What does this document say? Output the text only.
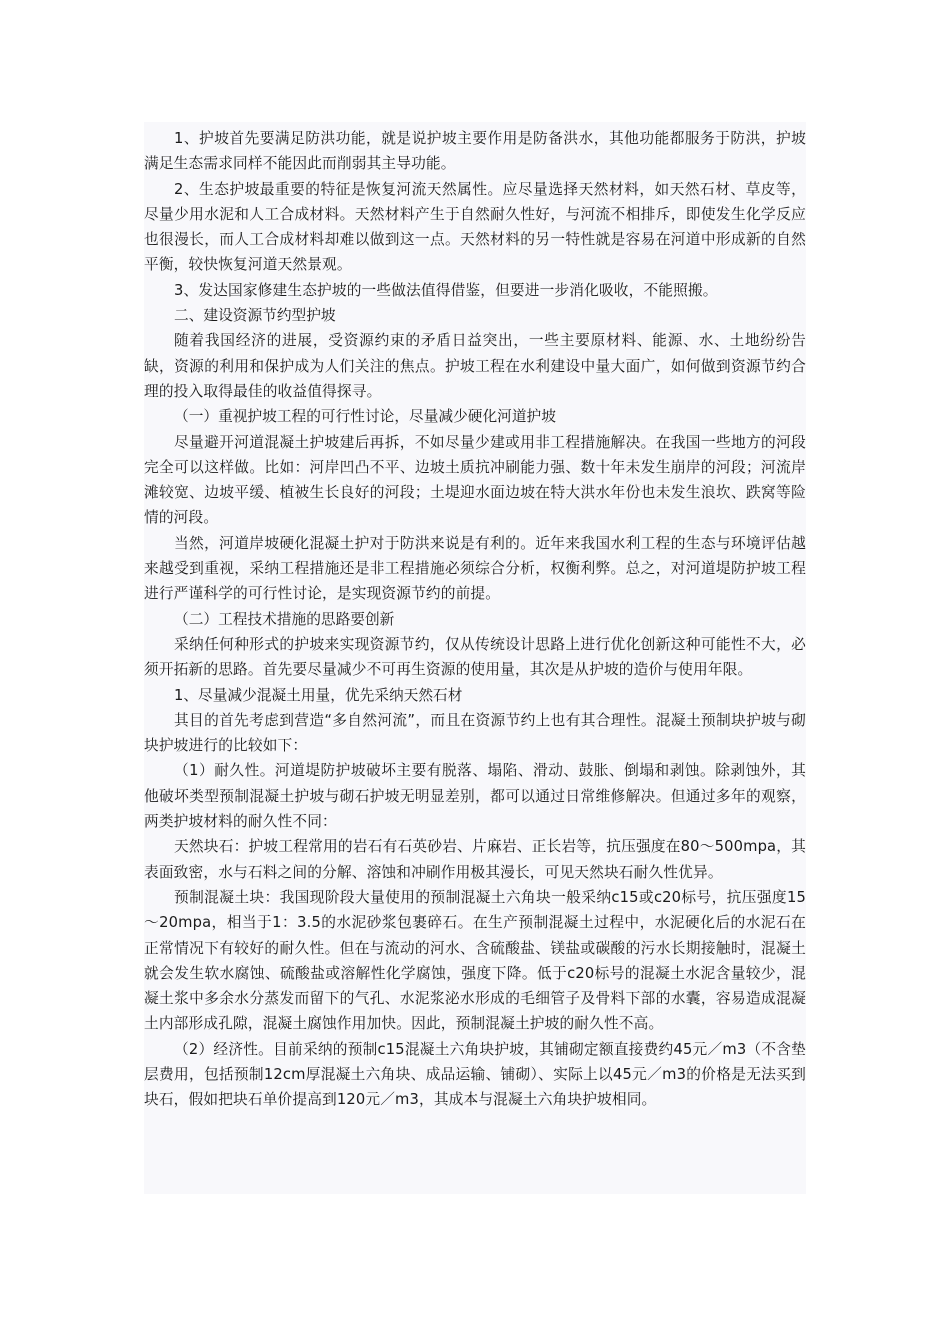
1、护坡首先要满足防洪功能，就是说护坡主要作用是防备洪水，其他功能都服务于防洪，护坡满足生态需求同样不能因此而削弱其主导功能。

2、生态护坡最重要的特征是恢复河流天然属性。应尽量选择天然材料，如天然石材、草皮等，尽量少用水泥和人工合成材料。天然材料产生于自然耐久性好，与河流不相排斥，即使发生化学反应也很漫长，而人工合成材料却难以做到这一点。天然材料的另一特性就是容易在河道中形成新的自然平衡，较快恢复河道天然景观。

3、发达国家修建生态护坡的一些做法值得借鉴，但要进一步消化吸收，不能照搬。

二、建设资源节约型护坡

随着我国经济的进展，受资源约束的矛盾日益突出，一些主要原材料、能源、水、土地纷纷告缺，资源的利用和保护成为人们关注的焦点。护坡工程在水利建设中量大面广，如何做到资源节约合理的投入取得最佳的收益值得探寻。

（一）重视护坡工程的可行性讨论，尽量减少硬化河道护坡

尽量避开河道混凝土护坡建后再拆，不如尽量少建或用非工程措施解决。在我国一些地方的河段完全可以这样做。比如：河岸凹凸不平、边坡土质抗冲刷能力强、数十年未发生崩岸的河段；河流岸滩较宽、边坡平缓、植被生长良好的河段；土堤迎水面边坡在特大洪水年份也未发生浪坎、跌窝等险情的河段。

当然，河道岸坡硬化混凝土护对于防洪来说是有利的。近年来我国水利工程的生态与环境评估越来越受到重视，采纳工程措施还是非工程措施必须综合分析，权衡利弊。总之，对河道堤防护坡工程进行严谨科学的可行性讨论，是实现资源节约的前提。

（二）工程技术措施的思路要创新

采纳任何种形式的护坡来实现资源节约，仅从传统设计思路上进行优化创新这种可能性不大，必须开拓新的思路。首先要尽量减少不可再生资源的使用量，其次是从护坡的造价与使用年限。

1、尽量减少混凝土用量，优先采纳天然石材

其目的首先考虑到营造“多自然河流”，而且在资源节约上也有其合理性。混凝土预制块护坡与砌块护坡进行的比较如下：

（1）耐久性。河道堤防护坡破坏主要有脱落、塌陷、滑动、鼓胀、倒塌和剥蚀。除剥蚀外，其他破坏类型预制混凝土护坡与砌石护坡无明显差别，都可以通过日常维修解决。但通过多年的观察，两类护坡材料的耐久性不同：

天然块石：护坡工程常用的岩石有石英砂岩、片麻岩、正长岩等，抗压强度在80～500mpa，其表面致密，水与石料之间的分解、溶蚀和冲刷作用极其漫长，可见天然块石耐久性优异。

预制混凝土块：我国现阶段大量使用的预制混凝土六角块一般采纳c15或c20标号，抗压强度15～20mpa，相当于1：3.5的水泥砂浆包裹碎石。在生产预制混凝土过程中，水泥硬化后的水泥石在正常情况下有较好的耐久性。但在与流动的河水、含硫酸盐、镁盐或碳酸的污水长期接触时，混凝土就会发生软水腐蚀、硫酸盐或溶解性化学腐蚀，强度下降。低于c20标号的混凝土水泥含量较少，混凝土浆中多余水分蒸发而留下的气孔、水泥浆泌水形成的毛细管子及骨料下部的水囊，容易造成混凝土内部形成孔隙，混凝土腐蚀作用加快。因此，预制混凝土护坡的耐久性不高。

（2）经济性。目前采纳的预制c15混凝土六角块护坡，其铺砌定额直接费约45元／m3（不含垫层费用，包括预制12cm厚混凝土六角块、成品运输、铺砌）、实际上以45元／m3的价格是无法买到块石，假如把块石单价提高到120元／m3，其成本与混凝土六角块护坡相同。
